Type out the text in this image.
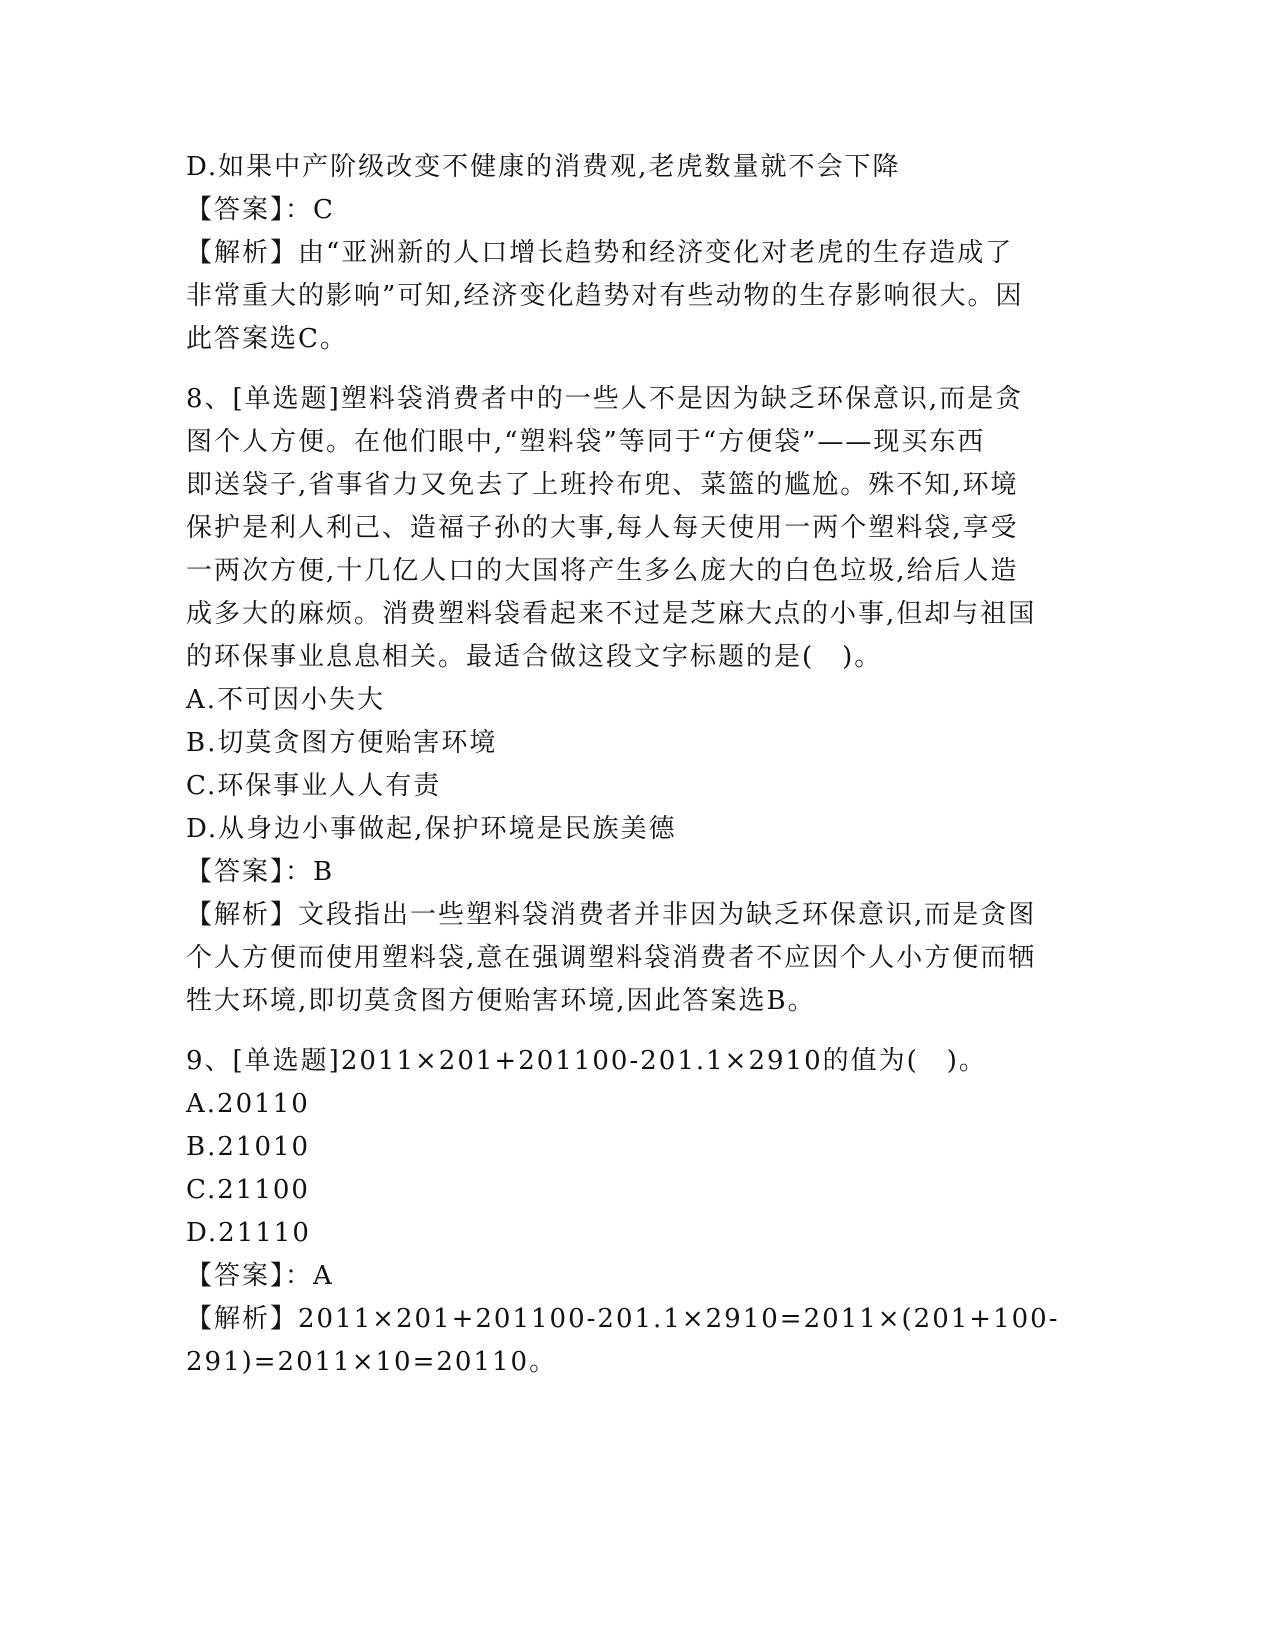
D.如果中产阶级改变不健康的消费观,老虎数量就不会下降
【答案】：C
【解析】由“亚洲新的人口增长趋势和经济变化对老虎的生存造成了
非常重大的影响”可知,经济变化趋势对有些动物的生存影响很大。因
此答案选C。
8、[单选题]塑料袋消费者中的一些人不是因为缺乏环保意识,而是贪
图个人方便。在他们眼中,“塑料袋”等同于“方便袋”——现买东西
即送袋子,省事省力又免去了上班拎布兜、菜篮的尴尬。殊不知,环境
保护是利人利己、造福子孙的大事,每人每天使用一两个塑料袋,享受
一两次方便,十几亿人口的大国将产生多么庞大的白色垃圾,给后人造
成多大的麻烦。消费塑料袋看起来不过是芝麻大点的小事,但却与祖国
的环保事业息息相关。最适合做这段文字标题的是(　)。
A.不可因小失大
B.切莫贪图方便贻害环境
C.环保事业人人有责
D.从身边小事做起,保护环境是民族美德
【答案】：B
【解析】文段指出一些塑料袋消费者并非因为缺乏环保意识,而是贪图
个人方便而使用塑料袋,意在强调塑料袋消费者不应因个人小方便而牺
牲大环境,即切莫贪图方便贻害环境,因此答案选B。
9、[单选题]2011×201+201100-201.1×2910的值为(　)。
A.20110
B.21010
C.21100
D.21110
【答案】：A
【解析】2011×201+201100-201.1×2910=2011×(201+100-
291)=2011×10=20110。
